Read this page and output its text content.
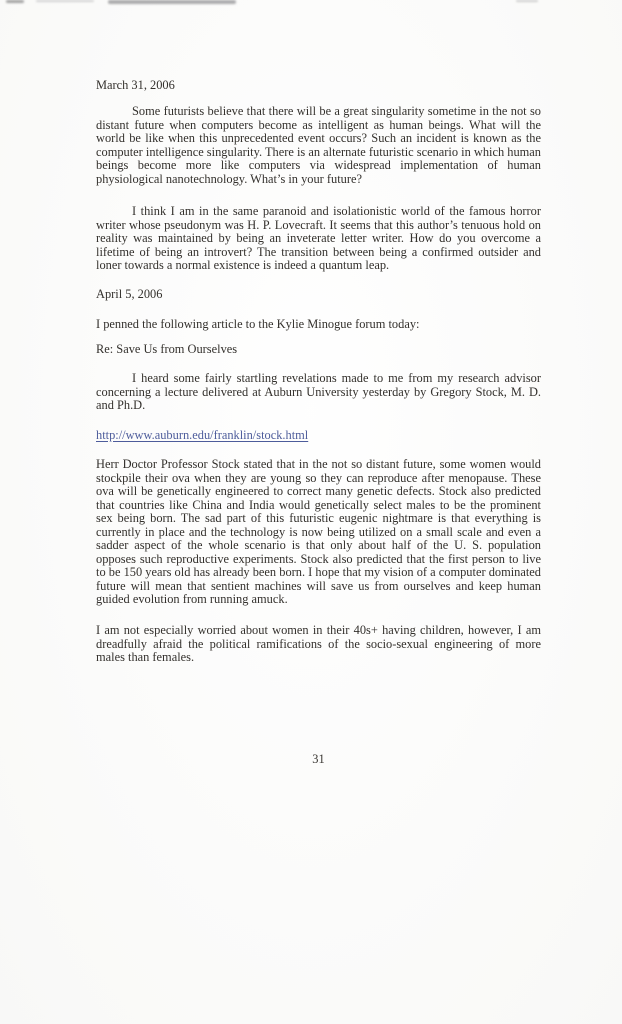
March 31, 2006

Some futurists believe that there will be a great singularity sometime in the not so distant future when computers become as intelligent as human beings. What will the world be like when this unprecedented event occurs? Such an incident is known as the computer intelligence singularity. There is an alternate futuristic scenario in which human beings become more like computers via widespread implementation of human physiological nanotechnology. What’s in your future?

I think I am in the same paranoid and isolationistic world of the famous horror writer whose pseudonym was H. P. Lovecraft. It seems that this author’s tenuous hold on reality was maintained by being an inveterate letter writer. How do you overcome a lifetime of being an introvert? The transition between being a confirmed outsider and loner towards a normal existence is indeed a quantum leap.

April 5, 2006

I penned the following article to the Kylie Minogue forum today:

Re: Save Us from Ourselves

I heard some fairly startling revelations made to me from my research advisor concerning a lecture delivered at Auburn University yesterday by Gregory Stock, M. D. and Ph.D.

http://www.auburn.edu/franklin/stock.html

Herr Doctor Professor Stock stated that in the not so distant future, some women would stockpile their ova when they are young so they can reproduce after menopause. These ova will be genetically engineered to correct many genetic defects. Stock also predicted that countries like China and India would genetically select males to be the prominent sex being born. The sad part of this futuristic eugenic nightmare is that everything is currently in place and the technology is now being utilized on a small scale and even a sadder aspect of the whole scenario is that only about half of the U. S. population opposes such reproductive experiments. Stock also predicted that the first person to live to be 150 years old has already been born. I hope that my vision of a computer dominated future will mean that sentient machines will save us from ourselves and keep human guided evolution from running amuck.

I am not especially worried about women in their 40s+ having children, however, I am dreadfully afraid the political ramifications of the socio-sexual engineering of more males than females.

31
